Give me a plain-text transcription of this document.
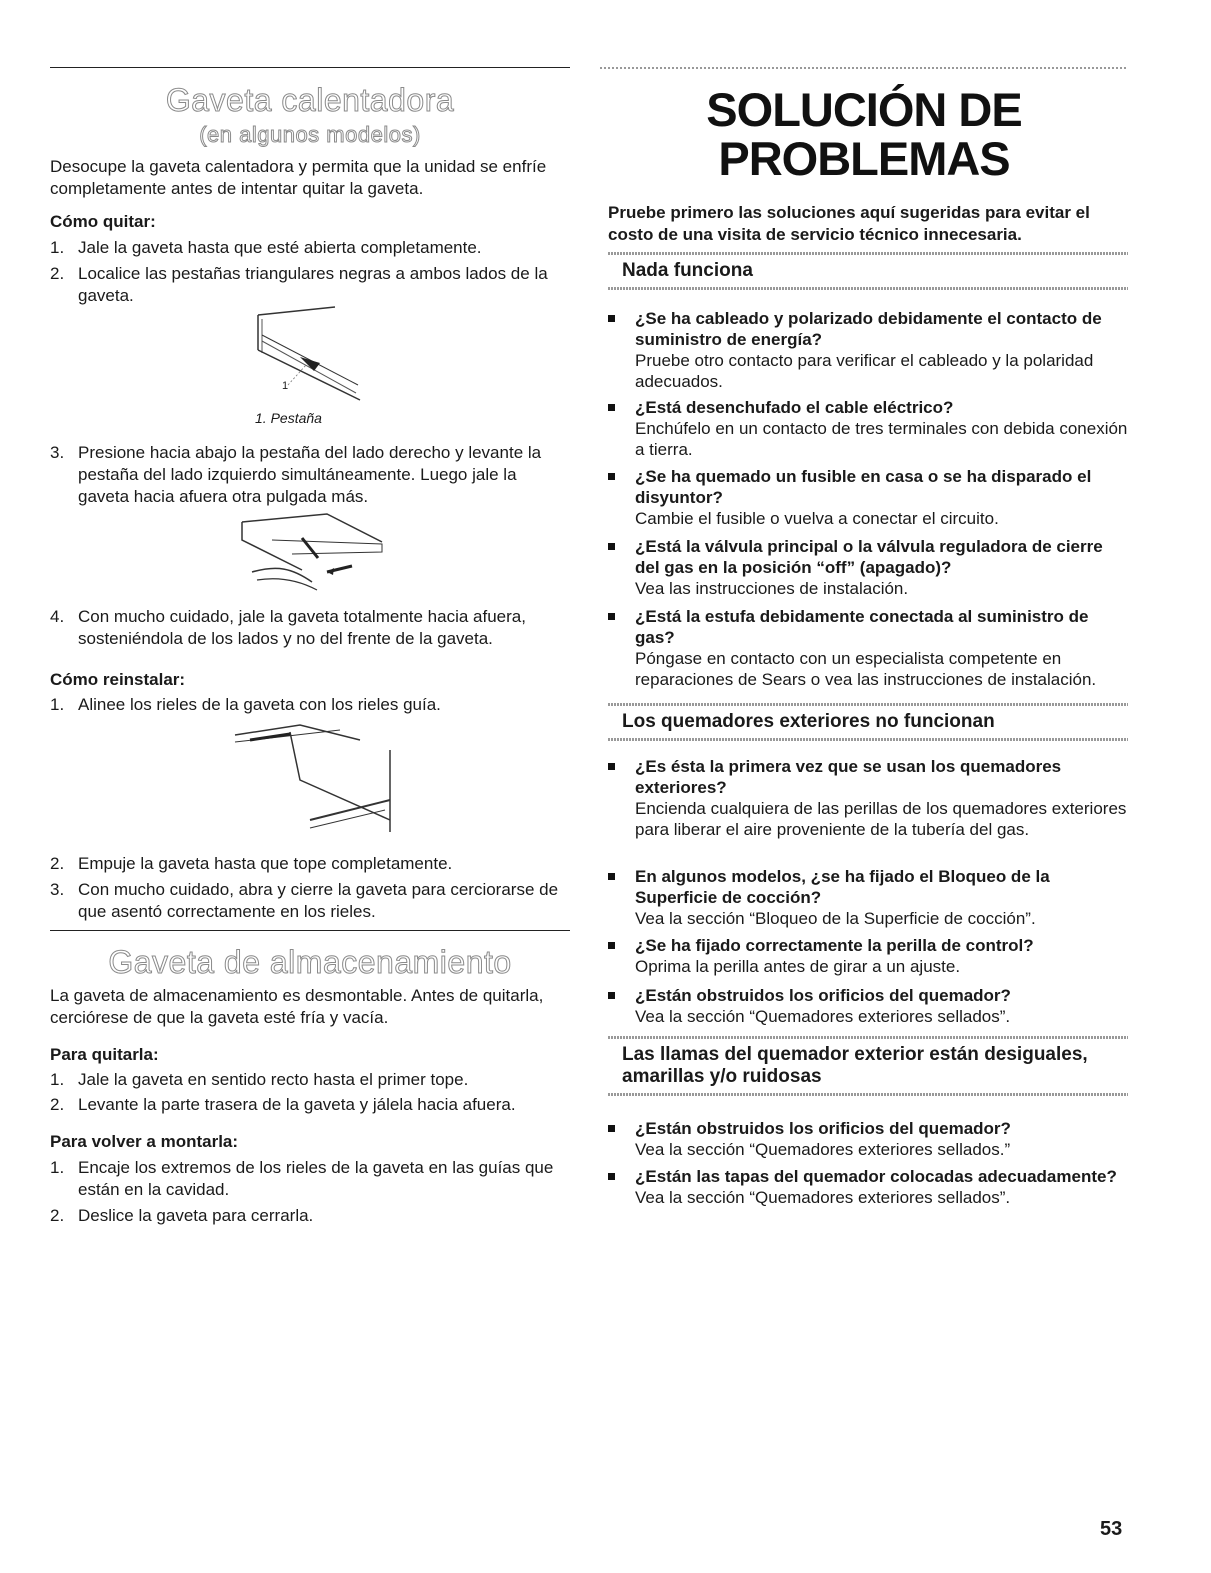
Gaveta calentadora
(en algunos modelos)
Desocupe la gaveta calentadora y permita que la unidad se enfríe completamente antes de intentar quitar la gaveta.
Cómo quitar:
1. Jale la gaveta hasta que esté abierta completamente.
2. Localice las pestañas triangulares negras a ambos lados de la gaveta.
1
1. Pestaña
3. Presione hacia abajo la pestaña del lado derecho y levante la pestaña del lado izquierdo simultáneamente. Luego jale la gaveta hacia afuera otra pulgada más.
4. Con mucho cuidado, jale la gaveta totalmente hacia afuera, sosteniéndola de los lados y no del frente de la gaveta.
Cómo reinstalar:
1. Alinee los rieles de la gaveta con los rieles guía.
2. Empuje la gaveta hasta que tope completamente.
3. Con mucho cuidado, abra y cierre la gaveta para cerciorarse de que asentó correctamente en los rieles.
Gaveta de almacenamiento
La gaveta de almacenamiento es desmontable. Antes de quitarla, cerciórese de que la gaveta esté fría y vacía.
Para quitarla:
1. Jale la gaveta en sentido recto hasta el primer tope.
2. Levante la parte trasera de la gaveta y jálela hacia afuera.
Para volver a montarla:
1. Encaje los extremos de los rieles de la gaveta en las guías que están en la cavidad.
2. Deslice la gaveta para cerrarla.
SOLUCIÓN DE
PROBLEMAS
Pruebe primero las soluciones aquí sugeridas para evitar el costo de una visita de servicio técnico innecesaria.
Nada funciona
¿Se ha cableado y polarizado debidamente el contacto de suministro de energía?
Pruebe otro contacto para verificar el cableado y la polaridad adecuados.
¿Está desenchufado el cable eléctrico?
Enchúfelo en un contacto de tres terminales con debida conexión a tierra.
¿Se ha quemado un fusible en casa o se ha disparado el disyuntor?
Cambie el fusible o vuelva a conectar el circuito.
¿Está la válvula principal o la válvula reguladora de cierre del gas en la posición “off” (apagado)?
Vea las instrucciones de instalación.
¿Está la estufa debidamente conectada al suministro de gas?
Póngase en contacto con un especialista competente en reparaciones de Sears o vea las instrucciones de instalación.
Los quemadores exteriores no funcionan
¿Es ésta la primera vez que se usan los quemadores exteriores?
Encienda cualquiera de las perillas de los quemadores exteriores para liberar el aire proveniente de la tubería del gas.
En algunos modelos, ¿se ha fijado el Bloqueo de la Superficie de cocción?
Vea la sección “Bloqueo de la Superficie de cocción”.
¿Se ha fijado correctamente la perilla de control?
Oprima la perilla antes de girar a un ajuste.
¿Están obstruidos los orificios del quemador?
Vea la sección “Quemadores exteriores sellados”.
Las llamas del quemador exterior están desiguales, amarillas y/o ruidosas
¿Están obstruidos los orificios del quemador?
Vea la sección “Quemadores exteriores sellados.”
¿Están las tapas del quemador colocadas adecuadamente?
Vea la sección “Quemadores exteriores sellados”.
53
